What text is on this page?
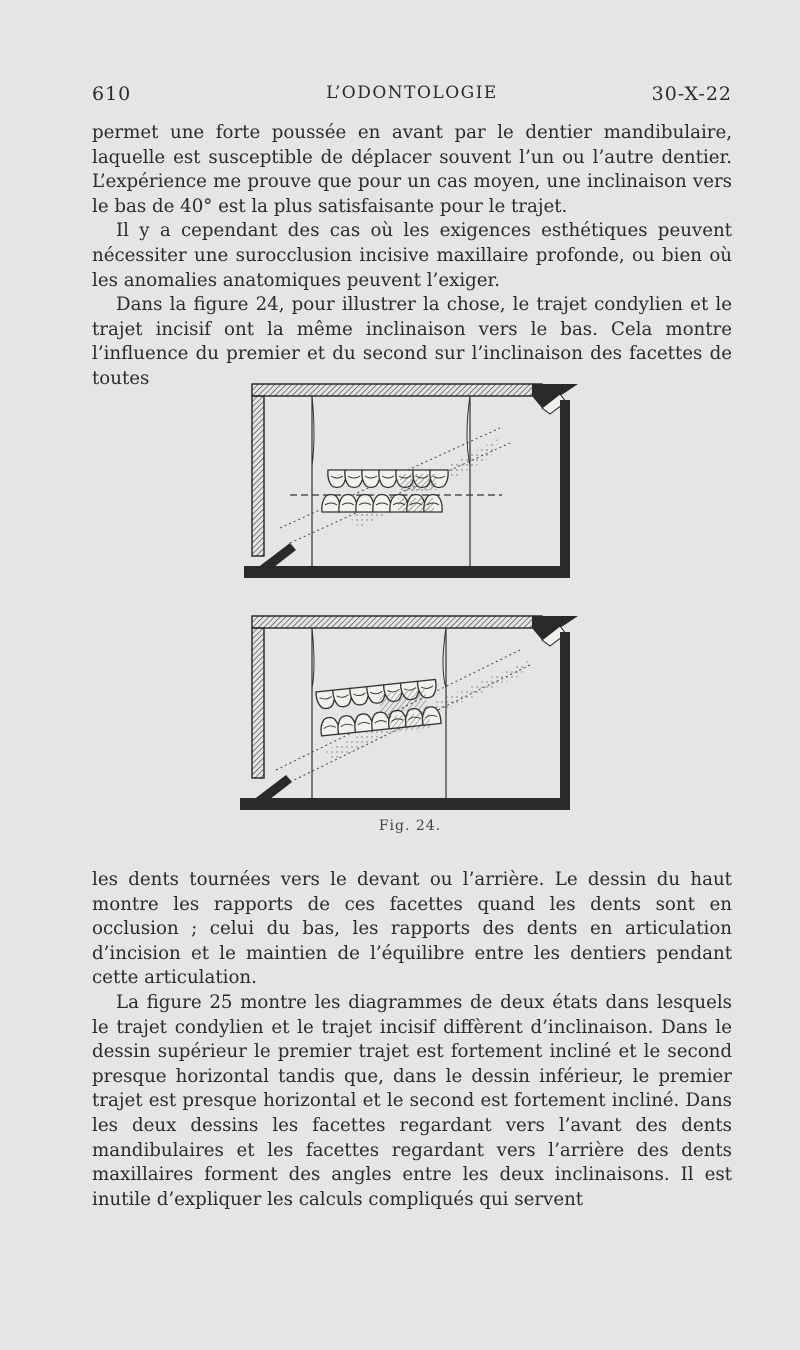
610	L’ODONTOLOGIE	30-X-22

permet une forte poussée en avant par le dentier mandibulaire, laquelle est susceptible de déplacer souvent l’un ou l’autre dentier. L’expérience me prouve que pour un cas moyen, une inclinaison vers le bas de 40° est la plus satisfaisante pour le trajet.

Il y a cependant des cas où les exigences esthétiques peuvent nécessiter une surocclusion incisive maxillaire profonde, ou bien où les anomalies anatomiques peuvent l’exiger.

Dans la figure 24, pour illustrer la chose, le trajet condylien et le trajet incisif ont la même inclinaison vers le bas. Cela montre l’influence du premier et du second sur l’inclinaison des facettes de toutes

Fig. 24.

les dents tournées vers le devant ou l’arrière. Le dessin du haut montre les rapports de ces facettes quand les dents sont en occlusion ; celui du bas, les rapports des dents en articulation d’incision et le maintien de l’équilibre entre les dentiers pendant cette articulation.

La figure 25 montre les diagrammes de deux états dans lesquels le trajet condylien et le trajet incisif diffèrent d’inclinaison. Dans le dessin supérieur le premier trajet est fortement incliné et le second presque horizontal tandis que, dans le dessin inférieur, le premier trajet est presque horizontal et le second est fortement incliné. Dans les deux dessins les facettes regardant vers l’avant des dents mandibulaires et les facettes regardant vers l’arrière des dents maxillaires forment des angles entre les deux inclinaisons. Il est inutile d’expliquer les calculs compliqués qui servent
